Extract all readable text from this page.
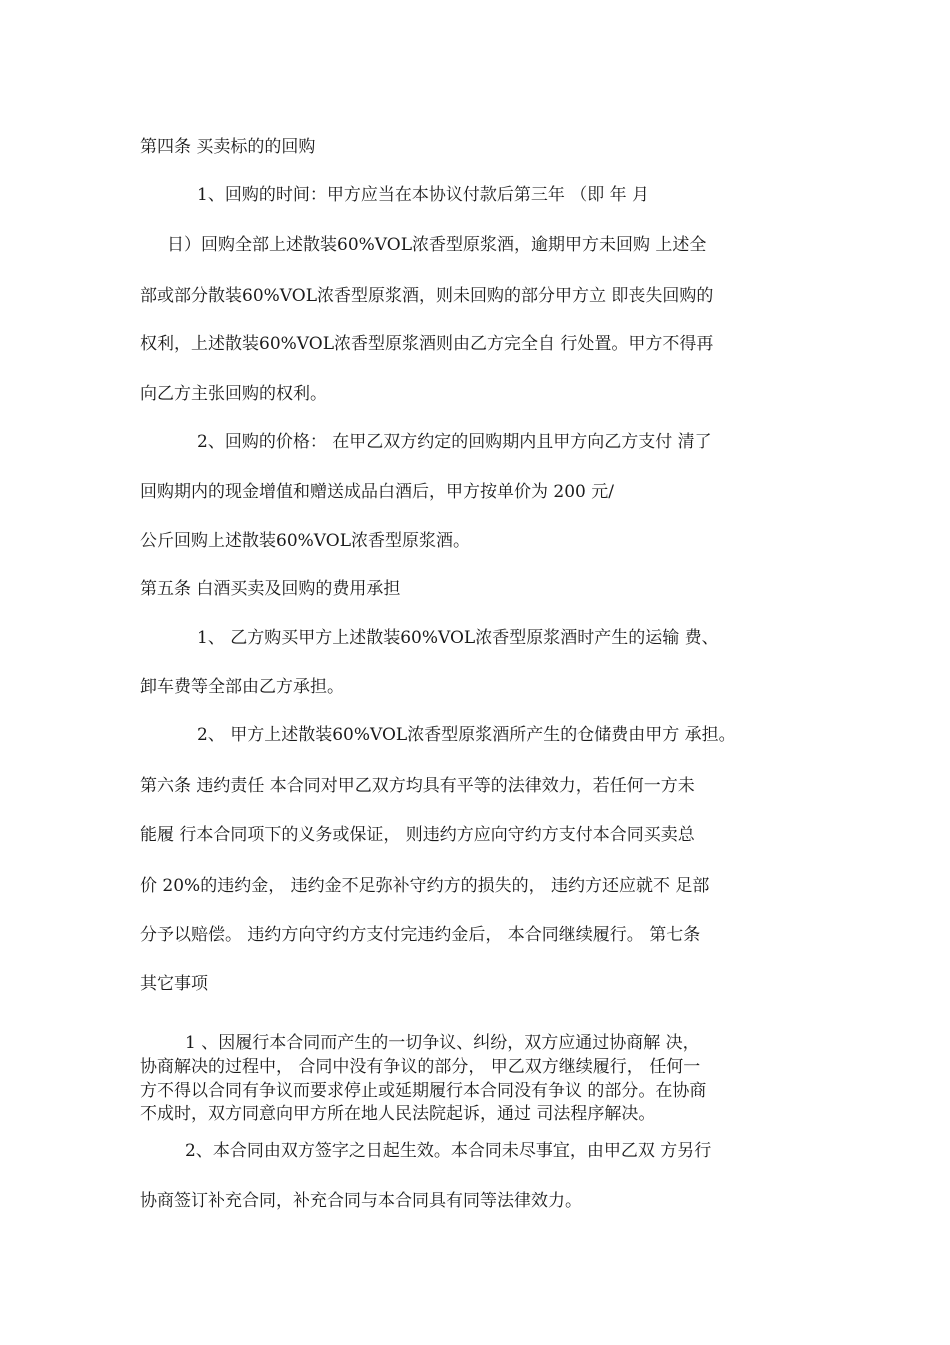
第四条 买卖标的的回购
1、回购的时间：甲方应当在本协议付款后第三年 （即 年 月
日）回购全部上述散装60%VOL浓香型原浆酒，逾期甲方未回购 上述全
部或部分散装60%VOL浓香型原浆酒，则未回购的部分甲方立 即丧失回购的
权利，上述散装60%VOL浓香型原浆酒则由乙方完全自 行处置。甲方不得再
向乙方主张回购的权利。
2、回购的价格： 在甲乙双方约定的回购期内且甲方向乙方支付 清了
回购期内的现金增值和赠送成品白酒后，甲方按单价为 200 元/
公斤回购上述散装60%VOL浓香型原浆酒。
第五条 白酒买卖及回购的费用承担
1、 乙方购买甲方上述散装60%VOL浓香型原浆酒时产生的运输 费、
卸车费等全部由乙方承担。
2、 甲方上述散装60%VOL浓香型原浆酒所产生的仓储费由甲方 承担。
第六条 违约责任 本合同对甲乙双方均具有平等的法律效力，若任何一方未
能履 行本合同项下的义务或保证， 则违约方应向守约方支付本合同买卖总
价 20%的违约金， 违约金不足弥补守约方的损失的， 违约方还应就不 足部
分予以赔偿。 违约方向守约方支付完违约金后， 本合同继续履行。 第七条
其它事项
1 、因履行本合同而产生的一切争议、纠纷，双方应通过协商解 决，
协商解决的过程中， 合同中没有争议的部分， 甲乙双方继续履行， 任何一
方不得以合同有争议而要求停止或延期履行本合同没有争议 的部分。在协商
不成时，双方同意向甲方所在地人民法院起诉，通过 司法程序解决。
2、本合同由双方签字之日起生效。本合同未尽事宜，由甲乙双 方另行
协商签订补充合同，补充合同与本合同具有同等法律效力。
